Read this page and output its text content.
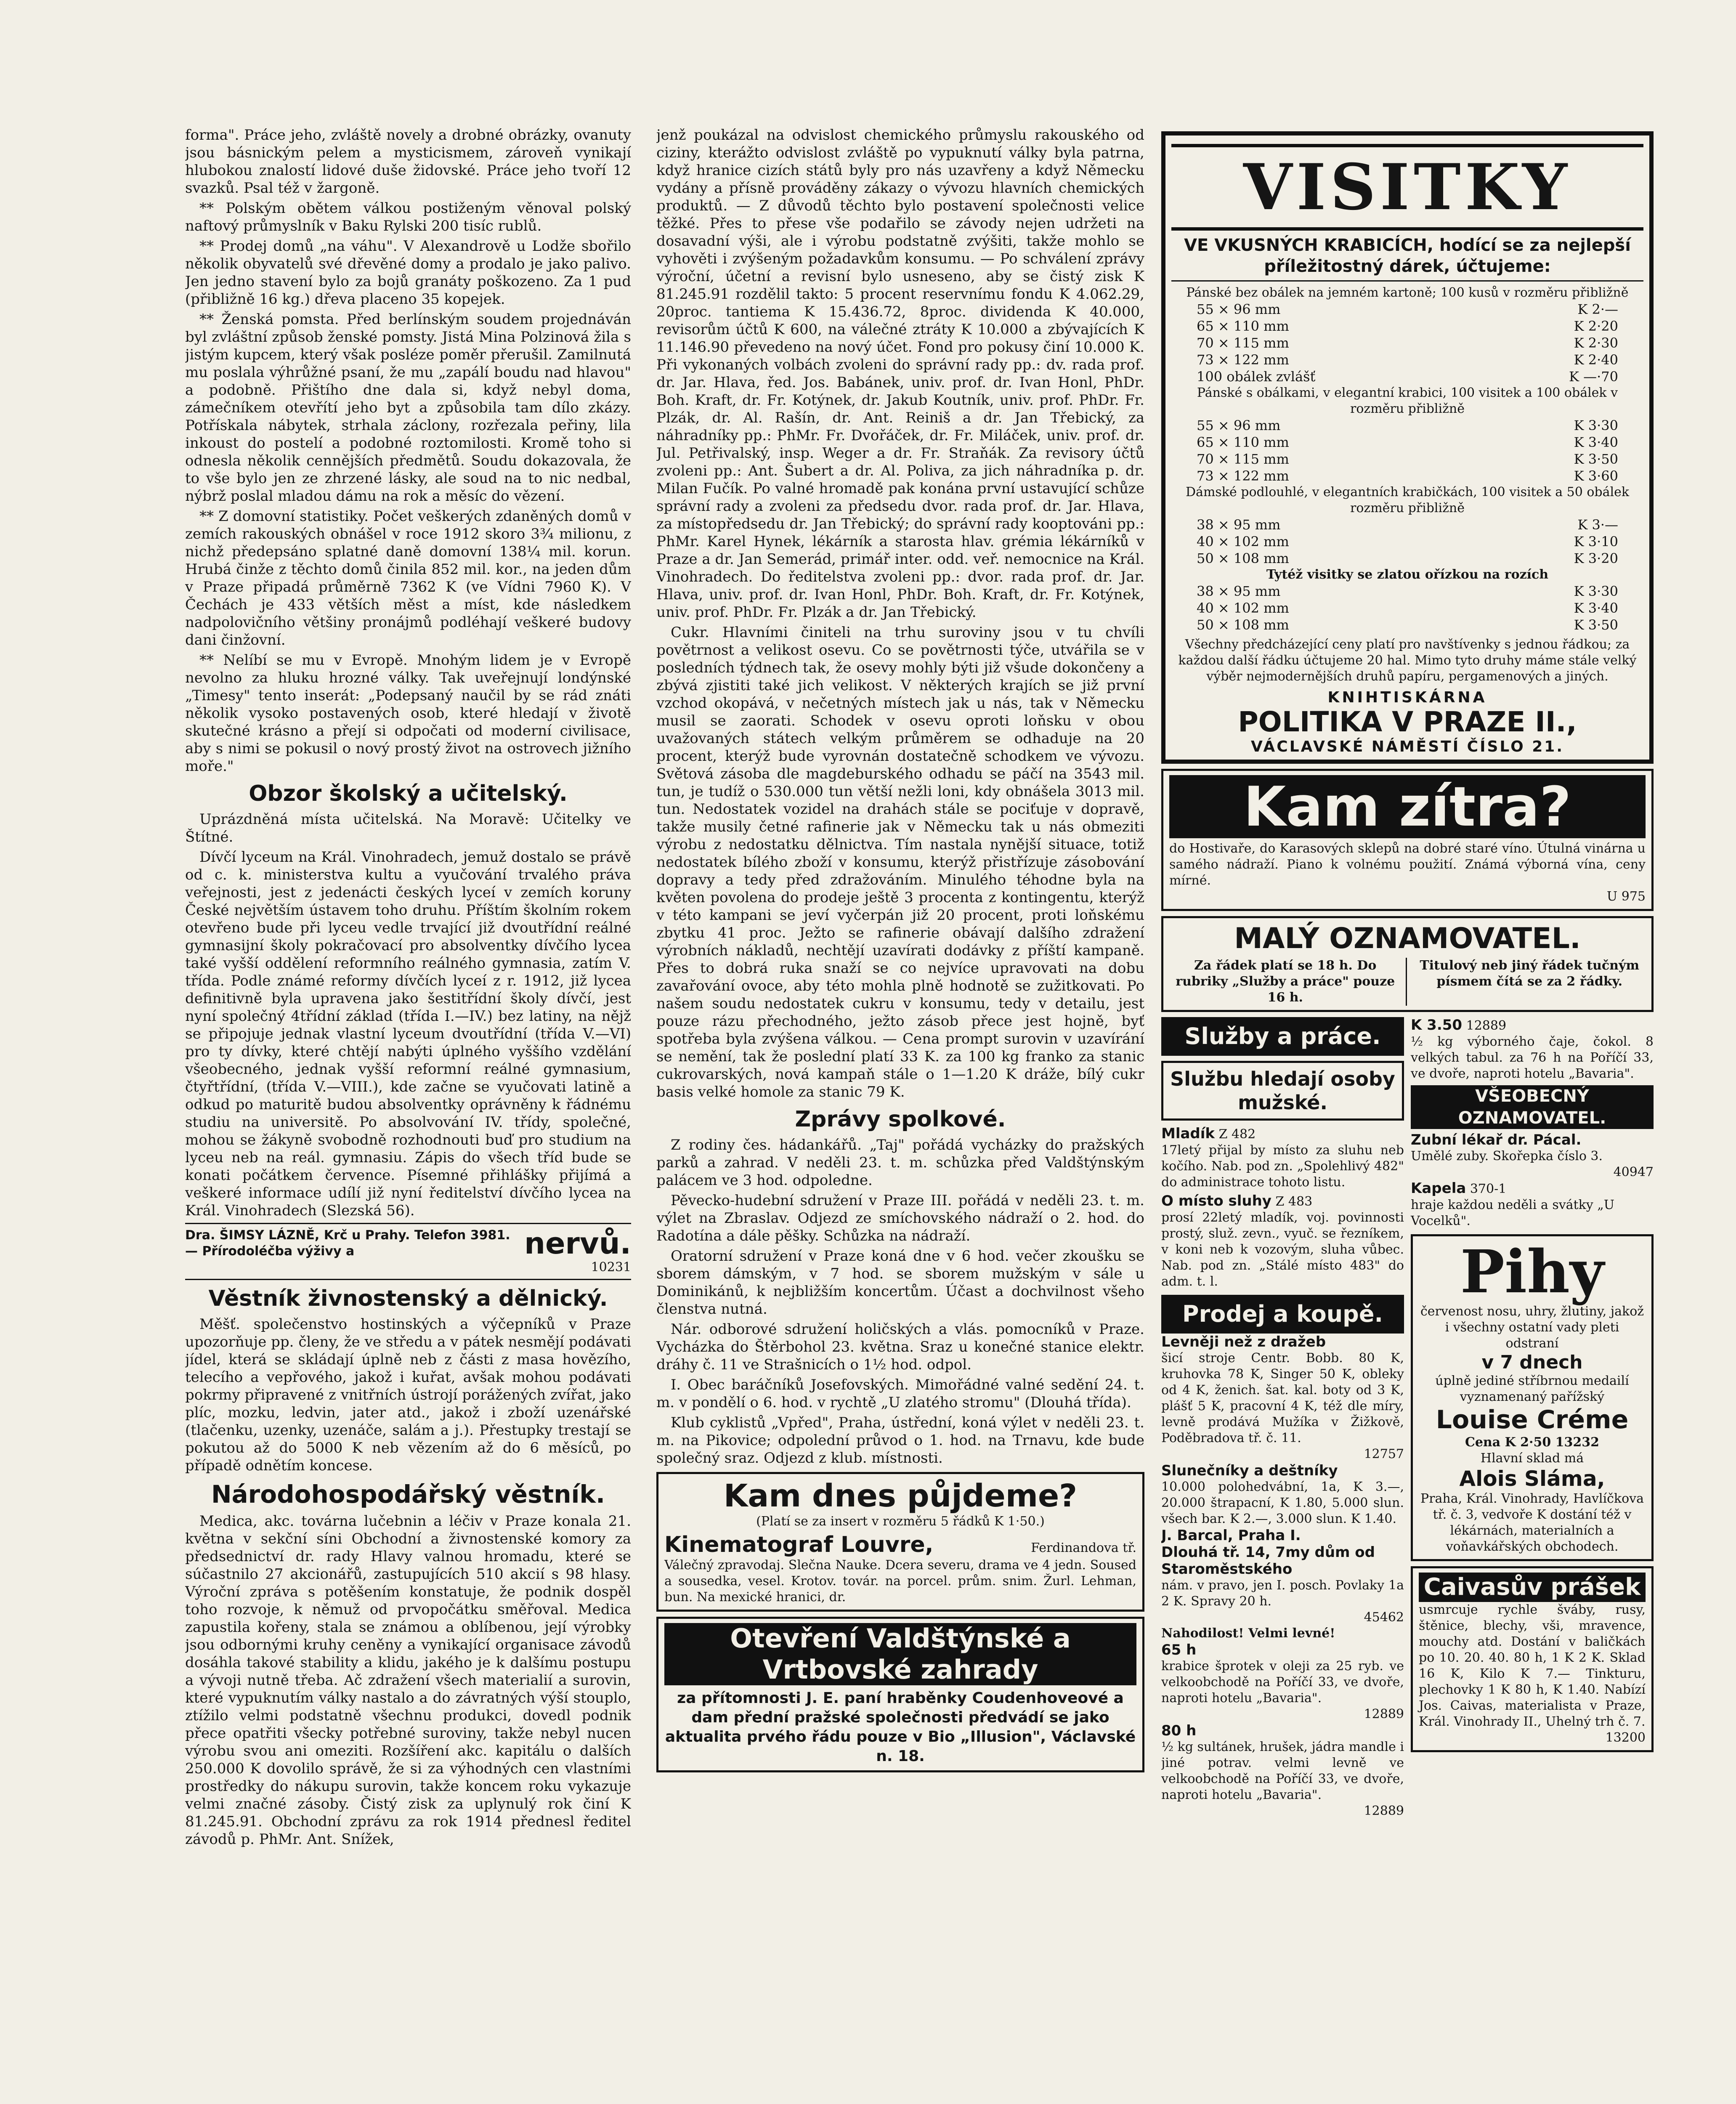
forma". Práce jeho, zvláště novely a drobné obrázky, ovanuty jsou básnickým pelem a mysticismem, zároveň vynikají hlubokou znalostí lidové duše židovské. Práce jeho tvoří 12 svazků. Psal též v žargoně.

** Polským obětem válkou postiženým věnoval polský naftový průmyslník v Baku Rylski 200 tisíc rublů.

** Prodej domů „na váhu". V Alexandrově u Lodže sbořilo několik obyvatelů své dřevěné domy a prodalo je jako palivo. Jen jedno stavení bylo za bojů granáty poškozeno. Za 1 pud (přibližně 16 kg.) dřeva placeno 35 kopejek.

** Ženská pomsta. Před berlínským soudem projednáván byl zvláštní způsob ženské pomsty. Jistá Mina Polzinová žila s jistým kupcem, který však posléze poměr přerušil. Zamilnutá mu poslala výhrůžné psaní, že mu „zapálí boudu nad hlavou" a podobně. Přištího dne dala si, když nebyl doma, zámečníkem otevřítí jeho byt a způsobila tam dílo zkázy. Potřískala nábytek, strhala záclony, rozřezala peřiny, lila inkoust do postelí a podobné roztomilosti. Kromě toho si odnesla několik cennějších předmětů. Soudu dokazovala, že to vše bylo jen ze zhrzené lásky, ale soud na to nic nedbal, nýbrž poslal mladou dámu na rok a měsíc do vězení.

** Z domovní statistiky. Počet veškerých zdaněných domů v zemích rakouských obnášel v roce 1912 skoro 3¾ milionu, z nichž předepsáno splatné daně domovní 138¼ mil. korun. Hrubá činže z těchto domů činila 852 mil. kor., na jeden dům v Praze připadá průměrně 7362 K (ve Vídni 7960 K). V Čechách je 433 větších měst a míst, kde následkem nadpolovičního většiny pronájmů podléhají veškeré budovy dani činžovní.

** Nelíbí se mu v Evropě. Mnohým lidem je v Evropě nevolno za hluku hrozné války. Tak uveřejnují londýnské „Timesy" tento inserát: „Podepsaný naučil by se rád znáti několik vysoko postavených osob, které hledají v životě skutečné krásno a přejí si odpočati od moderní civilisace, aby s nimi se pokusil o nový prostý život na ostrovech jižního moře."

Obzor školský a učitelský.

Uprázdněná místa učitelská. Na Moravě: Učitelky ve Štítné.

Dívčí lyceum na Král. Vinohradech, jemuž dostalo se právě od c. k. ministerstva kultu a vyučování trvalého práva veřejnosti, jest z jedenácti českých lyceí v zemích koruny České největším ústavem toho druhu. Příštím školním rokem otevřeno bude při lyceu vedle trvající již dvoutřídní reálné gymnasijní školy pokračovací pro absolventky dívčího lycea také vyšší oddělení reformního reálného gymnasia, zatím V. třída. Podle známé reformy dívčích lyceí z r. 1912, již lycea definitivně byla upravena jako šestitřídní školy dívčí, jest nyní společný 4třídní základ (třída I.—IV.) bez latiny, na nějž se připojuje jednak vlastní lyceum dvoutřídní (třída V.—VI) pro ty dívky, které chtějí nabýti úplného vyššího vzdělání všeobecného, jednak vyšší reformní reálné gymnasium, čtyřtřídní, (třída V.—VIII.), kde začne se vyučovati latině a odkud po maturitě budou absolventky oprávněny k řádnému studiu na universitě. Po absolvování IV. třídy, společné, mohou se žákyně svobodně rozhodnouti buď pro studium na lyceu neb na reál. gymnasiu. Zápis do všech tříd bude se konati počátkem července. Písemné přihlášky přijímá a veškeré informace udílí již nyní ředitelství dívčího lycea na Král. Vinohradech (Slezská 56).

Dra. ŠIMSY LÁZNĚ, Krč u Prahy. Telefon 3981. — Přírodoléčba výživy a	nervů.
10231
Věstník živnostenský a dělnický.

Měšť. společenstvo hostinských a výčepníků v Praze upozorňuje pp. členy, že ve středu a v pátek nesmějí podávati jídel, která se skládají úplně neb z části z masa hovězího, telecího a vepřového, jakož i kuřat, avšak mohou podávati pokrmy připravené z vnitřních ústrojí porážených zvířat, jako plíc, mozku, ledvin, jater atd., jakož i zboží uzenářské (tlačenku, uzenky, uzenáče, salám a j.). Přestupky trestají se pokutou až do 5000 K neb vězením až do 6 měsíců, po případě odnětím koncese.

Národohospodářský věstník.

Medica, akc. továrna lučebnin a léčiv v Praze konala 21. května v sekční síni Obchodní a živnostenské komory za předsednictví dr. rady Hlavy valnou hromadu, které se súčastnilo 27 akcionářů, zastupujících 510 akcií s 98 hlasy. Výroční zpráva s potěšením konstatuje, že podnik dospěl toho rozvoje, k němuž od prvopočátku směřoval. Medica zapustila kořeny, stala se známou a oblíbenou, její výrobky jsou odbornými kruhy ceněny a vynikající organisace závodů dosáhla takové stability a klidu, jakého je k dalšímu postupu a vývoji nutně třeba. Ač zdražení všech materialií a surovin, které vypuknutím války nastalo a do závratných výší stouplo, ztížilo velmi podstatně všechnu produkci, dovedl podnik přece opatřiti všecky potřebné suroviny, takže nebyl nucen výrobu svou ani omeziti. Rozšíření akc. kapitálu o dalších 250.000 K dovolilo správě, že si za výhodných cen vlastními prostředky do nákupu surovin, takže koncem roku vykazuje velmi značné zásoby. Čistý zisk za uplynulý rok činí K 81.245.91. Obchodní zprávu za rok 1914 přednesl ředitel závodů p. PhMr. Ant. Snížek,

jenž poukázal na odvislost chemického průmyslu rakouského od ciziny, kterážto odvislost zvláště po vypuknutí války byla patrna, když hranice cizích států byly pro nás uzavřeny a když Německu vydány a přísně prováděny zákazy o vývozu hlavních chemických produktů. — Z důvodů těchto bylo postavení společnosti velice těžké. Přes to přese vše podařilo se závody nejen udržeti na dosavadní výši, ale i výrobu podstatně zvýšiti, takže mohlo se vyhověti i zvýšeným požadavkům konsumu. — Po schválení zprávy výroční, účetní a revisní bylo usneseno, aby se čistý zisk K 81.245.91 rozdělil takto: 5 procent reservnímu fondu K 4.062.29, 20proc. tantiema K 15.436.72, 8proc. dividenda K 40.000, revisorům účtů K 600, na válečné ztráty K 10.000 a zbývajících K 11.146.90 převedeno na nový účet. Fond pro pokusy činí 10.000 K. Při vykonaných volbách zvoleni do správní rady pp.: dv. rada prof. dr. Jar. Hlava, řed. Jos. Babánek, univ. prof. dr. Ivan Honl, PhDr. Boh. Kraft, dr. Fr. Kotýnek, dr. Jakub Koutník, univ. prof. PhDr. Fr. Plzák, dr. Al. Rašín, dr. Ant. Reiniš a dr. Jan Třebický, za náhradníky pp.: PhMr. Fr. Dvořáček, dr. Fr. Miláček, univ. prof. dr. Jul. Petřivalský, insp. Weger a dr. Fr. Straňák. Za revisory účtů zvoleni pp.: Ant. Šubert a dr. Al. Poliva, za jich náhradníka p. dr. Milan Fučík. Po valné hromadě pak konána první ustavující schůze správní rady a zvoleni za předsedu dvor. rada prof. dr. Jar. Hlava, za místopředsedu dr. Jan Třebický; do správní rady kooptováni pp.: PhMr. Karel Hynek, lékárník a starosta hlav. grémia lékárníků v Praze a dr. Jan Semerád, primář inter. odd. veř. nemocnice na Král. Vinohradech. Do ředitelstva zvoleni pp.: dvor. rada prof. dr. Jar. Hlava, univ. prof. dr. Ivan Honl, PhDr. Boh. Kraft, dr. Fr. Kotýnek, univ. prof. PhDr. Fr. Plzák a dr. Jan Třebický.

Cukr. Hlavními činiteli na trhu suroviny jsou v tu chvíli povětrnost a velikost osevu. Co se povětrnosti týče, utvářila se v posledních týdnech tak, že osevy mohly býti již všude dokončeny a zbývá zjistiti také jich velikost. V některých krajích se již první vzchod okopává, v nečetných místech jak u nás, tak v Německu musil se zaorati. Schodek v osevu oproti loňsku v obou uvažovaných státech velkým průměrem se odhaduje na 20 procent, kterýž bude vyrovnán dostatečně schodkem ve vývozu. Světová zásoba dle magdeburského odhadu se páčí na 3543 mil. tun, je tudíž o 530.000 tun větší nežli loni, kdy obnášela 3013 mil. tun. Nedostatek vozidel na drahách stále se pociťuje v dopravě, takže musily četné rafinerie jak v Německu tak u nás obmeziti výrobu z nedostatku dělnictva. Tím nastala nynější situace, totiž nedostatek bílého zboží v konsumu, kterýž přistřízuje zásobování dopravy a tedy před zdražováním. Minulého téhodne byla na květen povolena do prodeje ještě 3 procenta z kontingentu, kterýž v této kampani se jeví vyčerpán již 20 procent, proti loňskému zbytku 41 proc. Ježto se rafinerie obávají dalšího zdražení výrobních nákladů, nechtějí uzavírati dodávky z příští kampaně. Přes to dobrá ruka snaží se co nejvíce upravovati na dobu zavařování ovoce, aby této mohla plně hodnotě se zužitkovati. Po našem soudu nedostatek cukru v konsumu, tedy v detailu, jest pouze rázu přechodného, ježto zásob přece jest hojně, byť spotřeba byla zvýšena válkou. — Cena prompt surovin v uzavírání se nemění, tak že poslední platí 33 K. za 100 kg franko za stanic cukrovarských, nová kampaň stále o 1—1.20 K dráže, bílý cukr basis velké homole za stanic 79 K.

Zprávy spolkové.

Z rodiny čes. hádankářů. „Taj" pořádá vycházky do pražských parků a zahrad. V neděli 23. t. m. schůzka před Valdštýnským palácem ve 3 hod. odpoledne.

Pěvecko-hudební sdružení v Praze III. pořádá v neděli 23. t. m. výlet na Zbraslav. Odjezd ze smíchovského nádraží o 2. hod. do Radotína a dále pěšky. Schůzka na nádraží.

Oratorní sdružení v Praze koná dne v 6 hod. večer zkoušku se sborem dámským, v 7 hod. se sborem mužským v sále u Dominikánů, k nejbližším koncertům. Účast a dochvilnost všeho členstva nutná.

Nár. odborové sdružení holičských a vlás. pomocníků v Praze. Vycházka do Štěrbohol 23. května. Sraz u konečné stanice elektr. dráhy č. 11 ve Strašnicích o 1½ hod. odpol.

I. Obec baráčníků Josefovských. Mimořádné valné sedění 24. t. m. v pondělí o 6. hod. v rychtě „U zlatého stromu" (Dlouhá třída).

Klub cyklistů „Vpřed", Praha, ústřední, koná výlet v neděli 23. t. m. na Pikovice; odpolední průvod o 1. hod. na Trnavu, kde bude společný sraz. Odjezd z klub. místnosti.

Kam dnes půjdeme?
(Platí se za insert v rozměru 5 řádků K 1·50.)
Kinematograf Louvre,	Ferdinandova tř.
Válečný zpravodaj. Slečna Nauke. Dcera severu, drama ve 4 jedn. Soused a sousedka, vesel. Krotov. továr. na porcel. prům. snim. Žurl. Lehman, bun. Na mexické hranici, dr.
Otevření Valdštýnské a
Vrtbovské zahrady
za přítomnosti J. E. paní hraběnky Coudenhoveové a dam přední pražské společnosti předvádí se jako aktualita prvého řádu pouze v Bio „Illusion", Václavské n. 18.
VISITKY
VE VKUSNÝCH KRABICÍCH, hodící se za nejlepší příležitostný dárek, účtujeme:
Pánské bez obálek na jemném kartoně; 100 kusů v rozměru přibližně
55 × 96 mm	K 2·—
65 × 110 mm	K 2·20
70 × 115 mm	K 2·30
73 × 122 mm	K 2·40
100 obálek zvlášť	K —·70
Pánské s obálkami, v elegantní krabici, 100 visitek a 100 obálek v rozměru přibližně
55 × 96 mm	K 3·30
65 × 110 mm	K 3·40
70 × 115 mm	K 3·50
73 × 122 mm	K 3·60
Dámské podlouhlé, v elegantních krabičkách, 100 visitek a 50 obálek rozměru přibližně
38 × 95 mm	K 3·—
40 × 102 mm	K 3·10
50 × 108 mm	K 3·20
Tytéž visitky se zlatou ořízkou na rozích
38 × 95 mm	K 3·30
40 × 102 mm	K 3·40
50 × 108 mm	K 3·50
Všechny předcházející ceny platí pro navštívenky s jednou řádkou; za každou další řádku účtujeme 20 hal. Mimo tyto druhy máme stále velký výběr nejmodernějších druhů papíru, pergamenových a jiných.
KNIHTISKÁRNA
POLITIKA V PRAZE II.,
VÁCLAVSKÉ NÁMĚSTÍ ČÍSLO 21.
Kam zítra?
do Hostivaře, do Karasových sklepů na dobré staré víno. Útulná vinárna u samého nádraží. Piano k volnému použití. Známá výborná vína, ceny mírné.
U 975
MALÝ OZNAMOVATEL.
Za řádek platí se 18 h. Do rubriky „Služby a práce" pouze 16 h.
Titulový neb jiný řádek tučným písmem čítá se za 2 řádky.
Služby a práce.
Službu hledají osoby mužské.
Mladík Z 482
17letý přijal by místo za sluhu neb kočího. Nab. pod zn. „Spolehlivý 482" do administrace tohoto listu.
O místo sluhy Z 483
prosí 22letý mladík, voj. povinnosti prostý, služ. zevn., vyuč. se řezníkem, v koni neb k vozovým, sluha vůbec. Nab. pod zn. „Stálé místo 483" do adm. t. l.
Prodej a koupě.
Levněji než z dražeb
šicí stroje Centr. Bobb. 80 K, kruhovka 78 K, Singer 50 K, obleky od 4 K, ženich. šat. kal. boty od 3 K, plášť 5 K, pracovní 4 K, též dle míry, levně prodává Mužíka v Žižkově, Poděbradova tř. č. 11.
12757
Slunečníky a deštníky
10.000 polohedvábní, 1a, K 3.—, 20.000 štrapacní, K 1.80, 5.000 slun. všech bar. K 2.—, 3.000 slun. K 1.40.
J. Barcal, Praha I.
Dlouhá tř. 14, 7my dům od Staroměstského
nám. v pravo, jen I. posch. Povlaky 1a 2 K. Spravy 20 h.
45462
Nahodilost! Velmi levné!
65 h
krabice šprotek v oleji za 25 ryb. ve velkoobchodě na Poříčí 33, ve dvoře, naproti hotelu „Bavaria".
12889
80 h
½ kg sultánek, hrušek, jádra mandle i jiné potrav. velmi levně ve velkoobchodě na Poříčí 33, ve dvoře, naproti hotelu „Bavaria".
12889
K 3.50 12889
½ kg výborného čaje, čokol. 8 velkých tabul. za 76 h na Poříčí 33, ve dvoře, naproti hotelu „Bavaria".
VŠEOBECNÝ
OZNAMOVATEL.
Zubní lékař dr. Pácal.
Umělé zuby. Skořepka číslo 3.
40947
Kapela 370-1
hraje každou neděli a svátky „U Vocelků".
Pihy
červenost nosu, uhry, žlutiny, jakož i všechny ostatní vady pleti odstraní
v 7 dnech
úplně jediné stříbrnou medailí vyznamenaný pařížský
Louise Créme
Cena K 2·50 13232
Hlavní sklad má
Alois Sláma,
Praha, Král. Vinohrady, Havlíčkova tř. č. 3, vedvoře K dostání též v lékárnách, materialních a voňavkářských obchodech.
Caivasův prášek
usmrcuje rychle šváby, rusy, štěnice, blechy, vši, mravence, mouchy atd. Dostání v baličkách po 10. 20. 40. 80 h, 1 K 2 K. Sklad 16 K, Kilo K 7.— Tinkturu, plechovky 1 K 80 h, K 1.40. Nabízí Jos. Caivas, materialista v Praze, Král. Vinohrady II., Uhelný trh č. 7.
13200
